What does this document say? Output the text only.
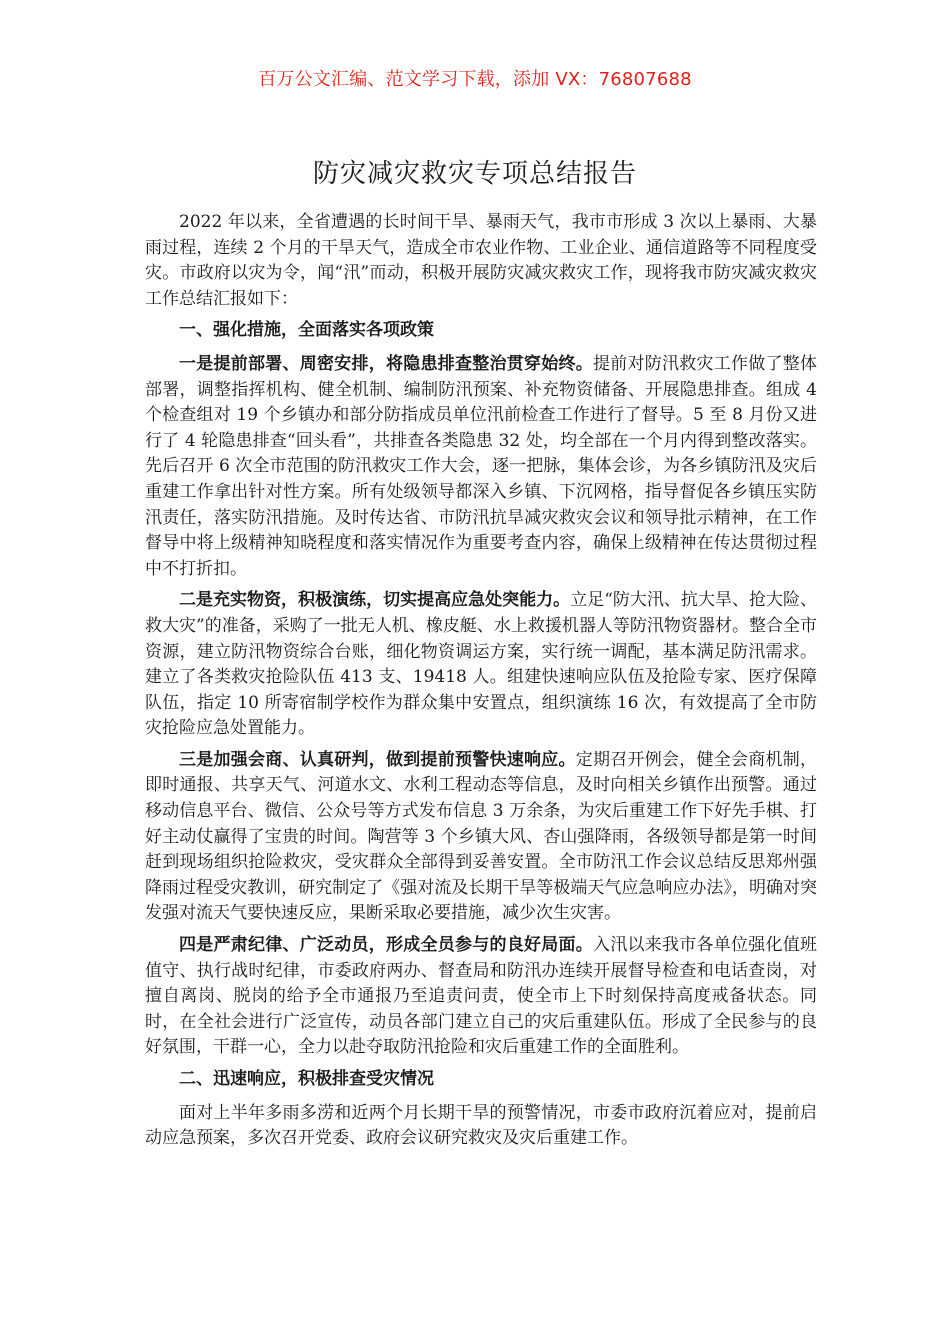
百万公文汇编、范文学习下载，添加 VX：76807688
防灾减灾救灾专项总结报告

2022 年以来，全省遭遇的长时间干旱、暴雨天气，我市市形成 3 次以上暴雨、大暴雨过程，连续 2 个月的干旱天气，造成全市农业作物、工业企业、通信道路等不同程度受灾。市政府以灾为令，闻“汛”而动，积极开展防灾减灾救灾工作，现将我市防灾减灾救灾工作总结汇报如下：

一、强化措施，全面落实各项政策

一是提前部署、周密安排，将隐患排查整治贯穿始终。提前对防汛救灾工作做了整体部署，调整指挥机构、健全机制、编制防汛预案、补充物资储备、开展隐患排查。组成 4 个检查组对 19 个乡镇办和部分防指成员单位汛前检查工作进行了督导。5 至 8 月份又进行了 4 轮隐患排查“回头看”，共排查各类隐患 32 处，均全部在一个月内得到整改落实。先后召开 6 次全市范围的防汛救灾工作大会，逐一把脉，集体会诊，为各乡镇防汛及灾后重建工作拿出针对性方案。所有处级领导都深入乡镇、下沉网格，指导督促各乡镇压实防汛责任，落实防汛措施。及时传达省、市防汛抗旱减灾救灾会议和领导批示精神，在工作督导中将上级精神知晓程度和落实情况作为重要考查内容，确保上级精神在传达贯彻过程中不打折扣。

二是充实物资，积极演练，切实提高应急处突能力。立足“防大汛、抗大旱、抢大险、救大灾”的准备，采购了一批无人机、橡皮艇、水上救援机器人等防汛物资器材。整合全市资源，建立防汛物资综合台账，细化物资调运方案，实行统一调配，基本满足防汛需求。建立了各类救灾抢险队伍 413 支、19418 人。组建快速响应队伍及抢险专家、医疗保障队伍，指定 10 所寄宿制学校作为群众集中安置点，组织演练 16 次，有效提高了全市防灾抢险应急处置能力。

三是加强会商、认真研判，做到提前预警快速响应。定期召开例会，健全会商机制，即时通报、共享天气、河道水文、水利工程动态等信息，及时向相关乡镇作出预警。通过移动信息平台、微信、公众号等方式发布信息 3 万余条，为灾后重建工作下好先手棋、打好主动仗赢得了宝贵的时间。陶营等 3 个乡镇大风、杏山强降雨，各级领导都是第一时间赶到现场组织抢险救灾，受灾群众全部得到妥善安置。全市防汛工作会议总结反思郑州强降雨过程受灾教训，研究制定了《强对流及长期干旱等极端天气应急响应办法》，明确对突发强对流天气要快速反应，果断采取必要措施，减少次生灾害。

四是严肃纪律、广泛动员，形成全员参与的良好局面。入汛以来我市各单位强化值班值守、执行战时纪律，市委政府两办、督查局和防汛办连续开展督导检查和电话查岗，对擅自离岗、脱岗的给予全市通报乃至追责问责，使全市上下时刻保持高度戒备状态。同时，在全社会进行广泛宣传，动员各部门建立自己的灾后重建队伍。形成了全民参与的良好氛围，干群一心，全力以赴夺取防汛抢险和灾后重建工作的全面胜利。

二、迅速响应，积极排查受灾情况

面对上半年多雨多涝和近两个月长期干旱的预警情况，市委市政府沉着应对，提前启动应急预案，多次召开党委、政府会议研究救灾及灾后重建工作。
